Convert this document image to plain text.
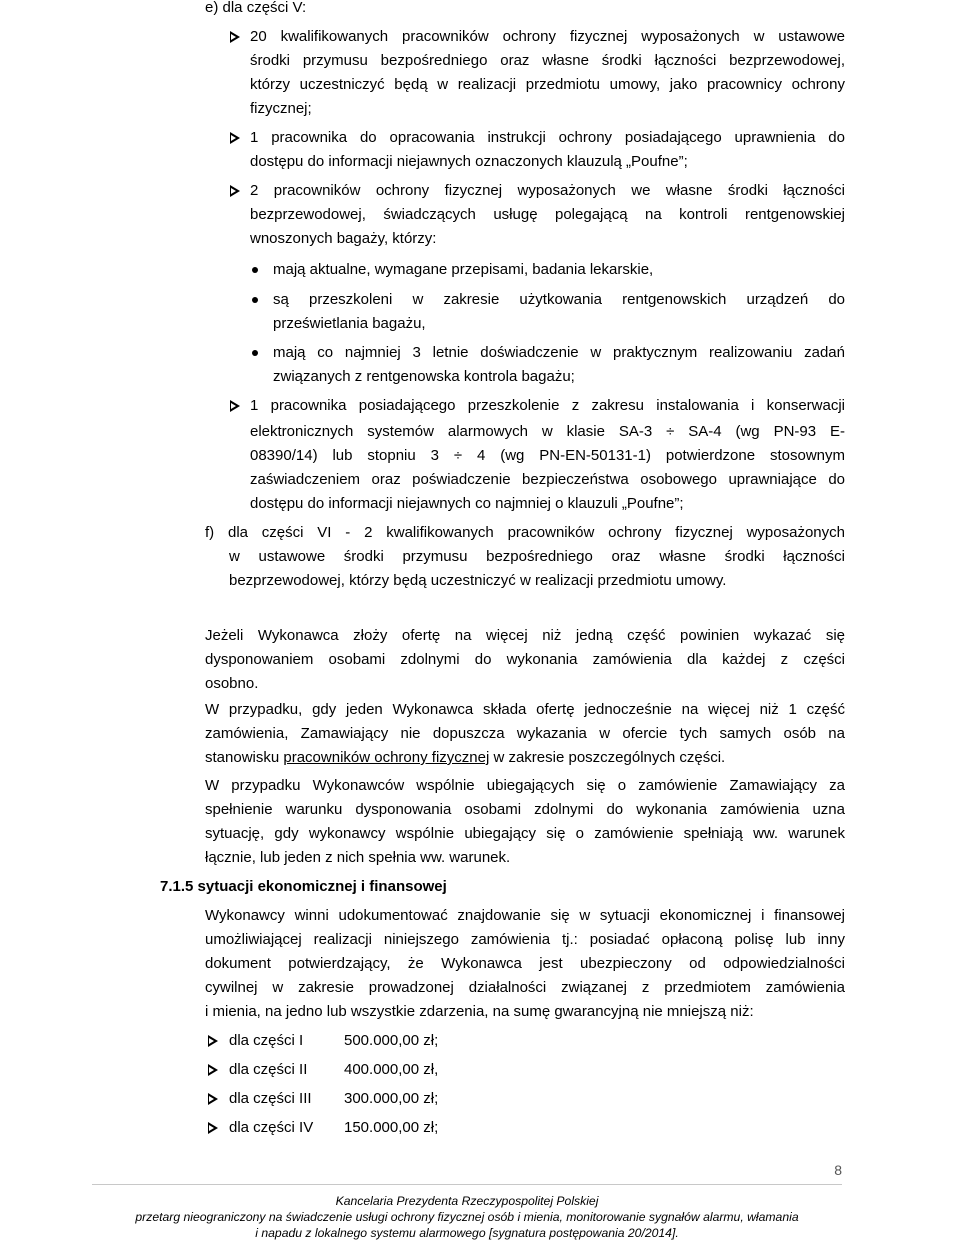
e) dla części V:

20 kwalifikowanych pracowników ochrony fizycznej wyposażonych w ustawowe

środki przymusu bezpośredniego oraz własne środki łączności bezprzewodowej,

którzy uczestniczyć będą w realizacji przedmiotu umowy, jako pracownicy ochrony

fizycznej;

1 pracownika do opracowania instrukcji ochrony posiadającego uprawnienia do

dostępu do informacji niejawnych oznaczonych klauzulą „Poufne”;

2 pracowników ochrony fizycznej wyposażonych we własne środki łączności

bezprzewodowej, świadczących usługę polegającą na kontroli rentgenowskiej

wnoszonych bagaży, którzy:

mają aktualne, wymagane przepisami, badania lekarskie,

są przeszkoleni w zakresie użytkowania rentgenowskich urządzeń do

prześwietlania bagażu,

mają co najmniej 3 letnie doświadczenie w praktycznym realizowaniu zadań

związanych z rentgenowska kontrola bagażu;

1 pracownika posiadającego przeszkolenie z zakresu instalowania i konserwacji

elektronicznych systemów alarmowych w klasie SA-3 ÷ SA-4 (wg PN-93 E-

08390/14) lub stopniu 3 ÷ 4 (wg PN-EN-50131-1) potwierdzone stosownym

zaświadczeniem oraz poświadczenie bezpieczeństwa osobowego uprawniające do

dostępu do informacji niejawnych co najmniej o klauzuli „Poufne”;

f) dla części VI - 2 kwalifikowanych pracowników ochrony fizycznej wyposażonych

w ustawowe środki przymusu bezpośredniego oraz własne środki łączności

bezprzewodowej, którzy będą uczestniczyć w realizacji przedmiotu umowy.

Jeżeli Wykonawca złoży ofertę na więcej niż jedną część powinien wykazać się

dysponowaniem osobami zdolnymi do wykonania zamówienia dla każdej z części

osobno.

W przypadku, gdy jeden Wykonawca składa ofertę jednocześnie na więcej niż 1 część

zamówienia, Zamawiający nie dopuszcza wykazania w ofercie tych samych osób na

stanowisku pracowników ochrony fizycznej w zakresie poszczególnych części.

W przypadku Wykonawców wspólnie ubiegających się o zamówienie Zamawiający za

spełnienie warunku dysponowania osobami zdolnymi do wykonania zamówienia uzna

sytuację, gdy wykonawcy wspólnie ubiegający się o zamówienie spełniają ww. warunek

łącznie, lub jeden z nich spełnia ww. warunek.

7.1.5 sytuacji ekonomicznej i finansowej

Wykonawcy winni udokumentować znajdowanie się w sytuacji ekonomicznej i finansowej

umożliwiającej realizacji niniejszego zamówienia tj.: posiadać opłaconą polisę lub inny

dokument potwierdzający, że Wykonawca jest ubezpieczony od odpowiedzialności

cywilnej w zakresie prowadzonej działalności związanej z przedmiotem zamówienia

i mienia, na jedno lub wszystkie zdarzenia, na sumę gwarancyjną nie mniejszą niż:

dla części I	500.000,00 zł;
dla części II 400.000,00 zł,
dla części III 300.000,00 zł;
dla części IV 150.000,00 zł;
8

Kancelaria Prezydenta Rzeczypospolitej Polskiej

przetarg nieograniczony na świadczenie usługi ochrony fizycznej osób i mienia, monitorowanie sygnałów alarmu, włamania

i napadu z lokalnego systemu alarmowego [sygnatura postępowania 20/2014].
